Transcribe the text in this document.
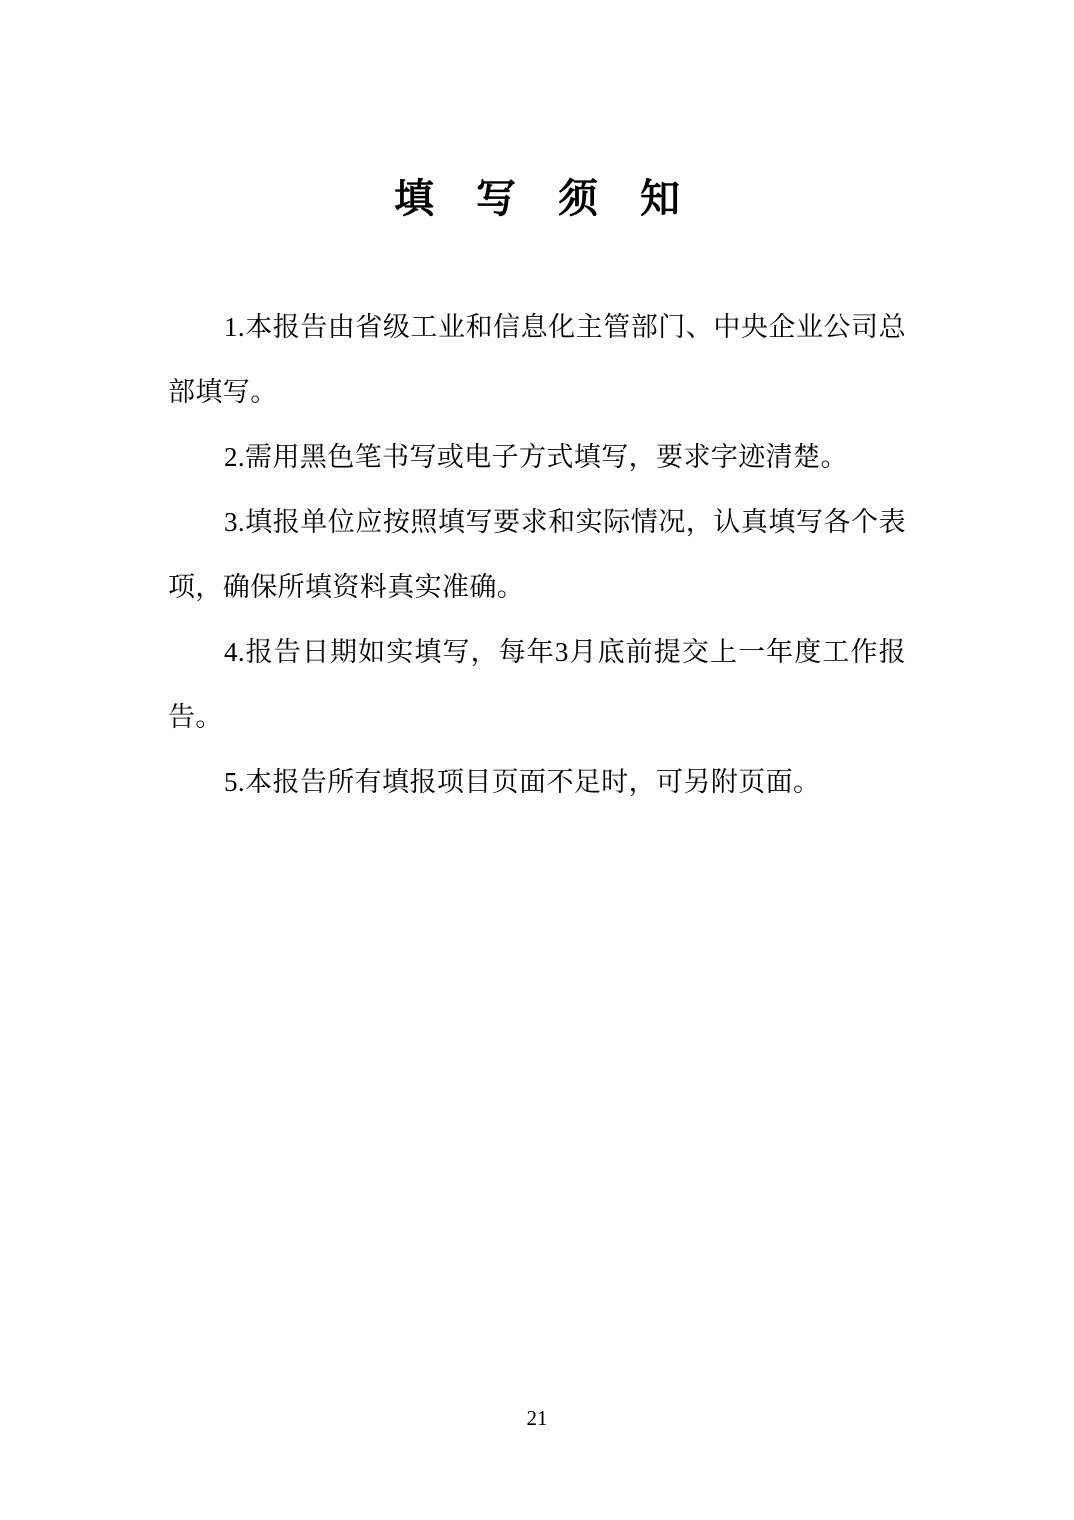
填 写 须 知

1.本报告由省级工业和信息化主管部门、中央企业公司总部填写。

2.需用黑色笔书写或电子方式填写，要求字迹清楚。

3.填报单位应按照填写要求和实际情况，认真填写各个表项，确保所填资料真实准确。

4.报告日期如实填写，每年3月底前提交上一年度工作报告。

5.本报告所有填报项目页面不足时，可另附页面。

21
